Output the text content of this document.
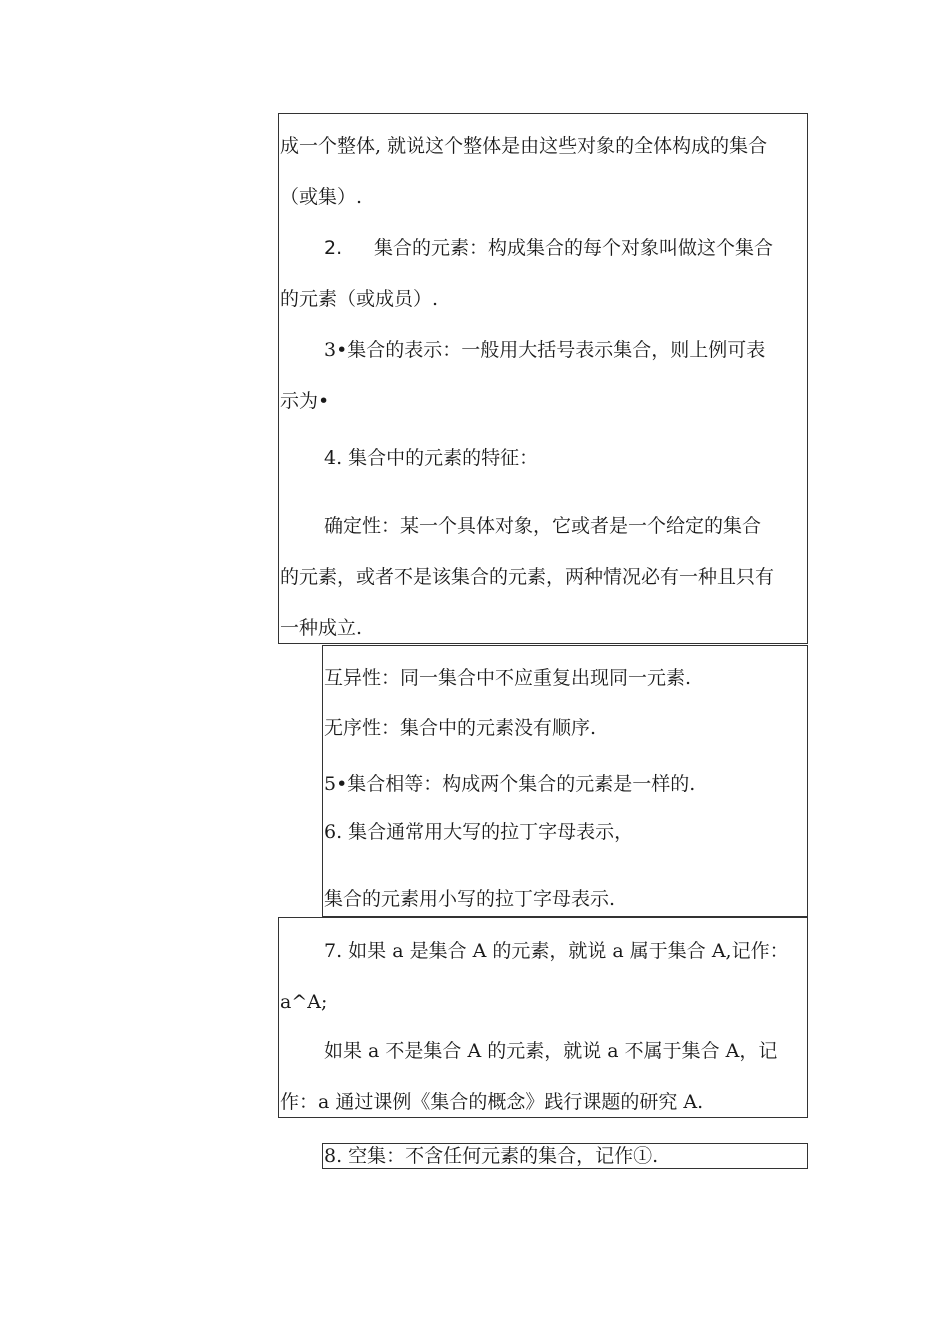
成一个整体, 就说这个整体是由这些对象的全体构成的集合
（或集）.
2. 集合的元素：构成集合的每个对象叫做这个集合
的元素（或成员）.
3•集合的表示：一般用大括号表示集合，则上例可表
示为•
4. 集合中的元素的特征：
确定性：某一个具体对象，它或者是一个给定的集合
的元素，或者不是该集合的元素，两种情况必有一种且只有
一种成立.
互异性：同一集合中不应重复出现同一元素.
无序性：集合中的元素没有顺序.
5•集合相等：构成两个集合的元素是一样的.
6. 集合通常用大写的拉丁字母表示，
集合的元素用小写的拉丁字母表示.
7. 如果 a 是集合 A 的元素，就说 a 属于集合 A,记作：
a^A;
如果 a 不是集合 A 的元素，就说 a 不属于集合 A，记
作：a 通过课例《集合的概念》践行课题的研究 A.
8. 空集：不含任何元素的集合，记作①.
